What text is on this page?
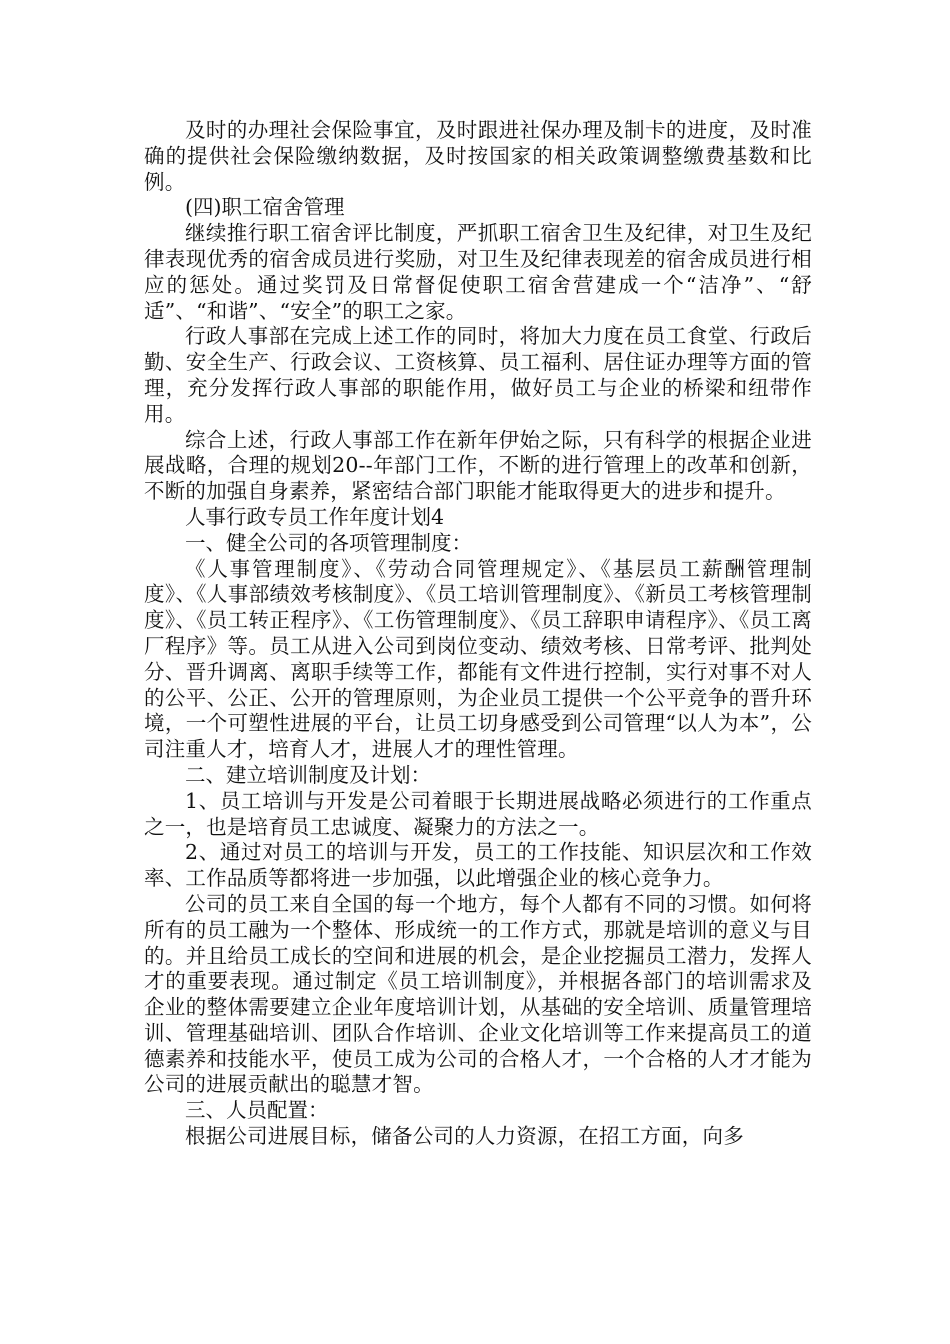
及时的办理社会保险事宜，及时跟进社保办理及制卡的进度，及时准确的提供社会保险缴纳数据，及时按国家的相关政策调整缴费基数和比例。

(四)职工宿舍管理

继续推行职工宿舍评比制度，严抓职工宿舍卫生及纪律，对卫生及纪律表现优秀的宿舍成员进行奖励，对卫生及纪律表现差的宿舍成员进行相应的惩处。通过奖罚及日常督促使职工宿舍营建成一个“洁净”、“舒适”、“和谐”、“安全”的职工之家。

行政人事部在完成上述工作的同时，将加大力度在员工食堂、行政后勤、安全生产、行政会议、工资核算、员工福利、居住证办理等方面的管理，充分发挥行政人事部的职能作用，做好员工与企业的桥梁和纽带作用。

综合上述，行政人事部工作在新年伊始之际，只有科学的根据企业进展战略，合理的规划20--年部门工作，不断的进行管理上的改革和创新，不断的加强自身素养，紧密结合部门职能才能取得更大的进步和提升。

人事行政专员工作年度计划4

一、健全公司的各项管理制度：

《人事管理制度》、《劳动合同管理规定》、《基层员工薪酬管理制度》、《人事部绩效考核制度》、《员工培训管理制度》、《新员工考核管理制度》、《员工转正程序》、《工伤管理制度》、《员工辞职申请程序》、《员工离厂程序》等。员工从进入公司到岗位变动、绩效考核、日常考评、批判处分、晋升调离、离职手续等工作，都能有文件进行控制，实行对事不对人的公平、公正、公开的管理原则，为企业员工提供一个公平竞争的晋升环境，一个可塑性进展的平台，让员工切身感受到公司管理“以人为本”，公司注重人才，培育人才，进展人才的理性管理。

二、建立培训制度及计划：

1、员工培训与开发是公司着眼于长期进展战略必须进行的工作重点之一，也是培育员工忠诚度、凝聚力的方法之一。

2、通过对员工的培训与开发，员工的工作技能、知识层次和工作效率、工作品质等都将进一步加强，以此增强企业的核心竞争力。

公司的员工来自全国的每一个地方，每个人都有不同的习惯。如何将所有的员工融为一个整体、形成统一的工作方式，那就是培训的意义与目的。并且给员工成长的空间和进展的机会，是企业挖掘员工潜力，发挥人才的重要表现。通过制定《员工培训制度》，并根据各部门的培训需求及企业的整体需要建立企业年度培训计划，从基础的安全培训、质量管理培训、管理基础培训、团队合作培训、企业文化培训等工作来提高员工的道德素养和技能水平，使员工成为公司的合格人才，一个合格的人才才能为公司的进展贡献出的聪慧才智。

三、人员配置：

根据公司进展目标，储备公司的人力资源，在招工方面，向多
